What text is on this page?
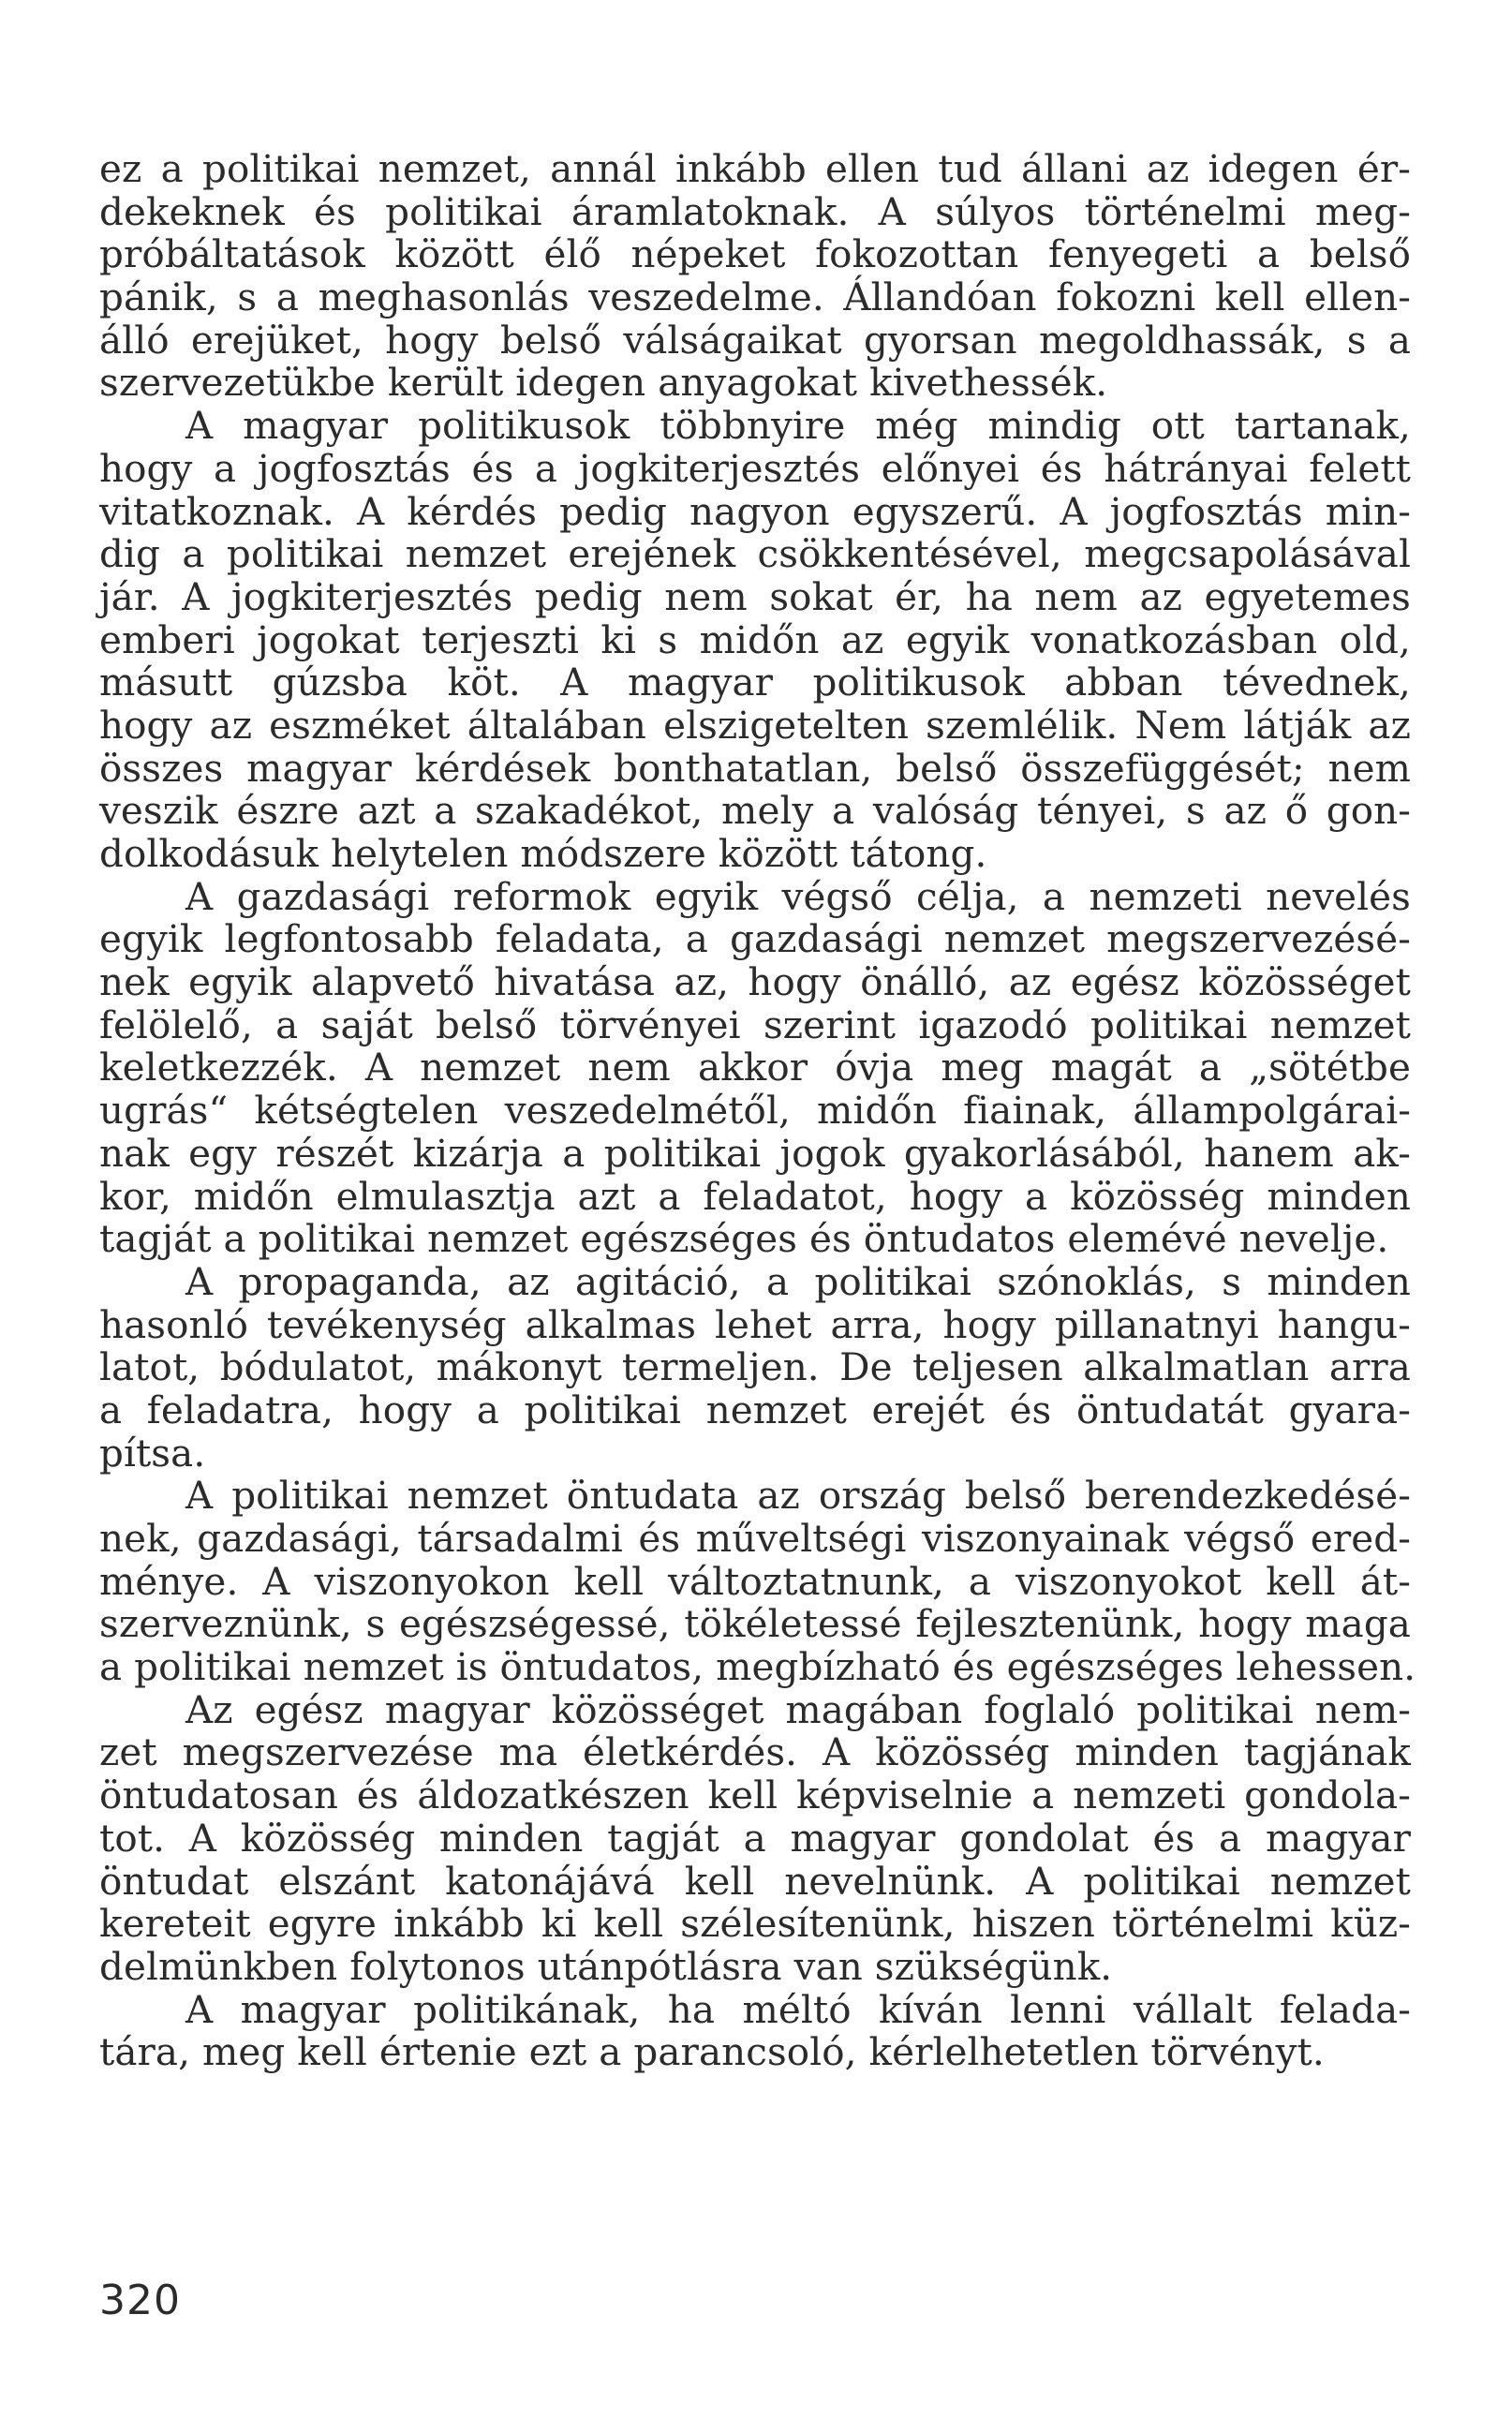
ez a politikai nemzet, annál inkább ellen tud állani az idegen ér-
dekeknek és politikai áramlatoknak. A súlyos történelmi meg-
próbáltatások között élő népeket fokozottan fenyegeti a belső
pánik, s a meghasonlás veszedelme. Állandóan fokozni kell ellen-
álló erejüket, hogy belső válságaikat gyorsan megoldhassák, s a
szervezetükbe került idegen anyagokat kivethessék.
A magyar politikusok többnyire még mindig ott tartanak,
hogy a jogfosztás és a jogkiterjesztés előnyei és hátrányai felett
vitatkoznak. A kérdés pedig nagyon egyszerű. A jogfosztás min-
dig a politikai nemzet erejének csökkentésével, megcsapolásával
jár. A jogkiterjesztés pedig nem sokat ér, ha nem az egyetemes
emberi jogokat terjeszti ki s midőn az egyik vonatkozásban old,
másutt gúzsba köt. A magyar politikusok abban tévednek,
hogy az eszméket általában elszigetelten szemlélik. Nem látják az
összes magyar kérdések bonthatatlan, belső összefüggését; nem
veszik észre azt a szakadékot, mely a valóság tényei, s az ő gon-
dolkodásuk helytelen módszere között tátong.
A gazdasági reformok egyik végső célja, a nemzeti nevelés
egyik legfontosabb feladata, a gazdasági nemzet megszervezésé-
nek egyik alapvető hivatása az, hogy önálló, az egész közösséget
felölelő, a saját belső törvényei szerint igazodó politikai nemzet
keletkezzék. A nemzet nem akkor óvja meg magát a „sötétbe
ugrás“ kétségtelen veszedelmétől, midőn fiainak, állampolgárai-
nak egy részét kizárja a politikai jogok gyakorlásából, hanem ak-
kor, midőn elmulasztja azt a feladatot, hogy a közösség minden
tagját a politikai nemzet egészséges és öntudatos elemévé nevelje.
A propaganda, az agitáció, a politikai szónoklás, s minden
hasonló tevékenység alkalmas lehet arra, hogy pillanatnyi hangu-
latot, bódulatot, mákonyt termeljen. De teljesen alkalmatlan arra
a feladatra, hogy a politikai nemzet erejét és öntudatát gyara-
pítsa.
A politikai nemzet öntudata az ország belső berendezkedésé-
nek, gazdasági, társadalmi és műveltségi viszonyainak végső ered-
ménye. A viszonyokon kell változtatnunk, a viszonyokot kell át-
szerveznünk, s egészségessé, tökéletessé fejlesztenünk, hogy maga
a politikai nemzet is öntudatos, megbízható és egészséges lehessen.
Az egész magyar közösséget magában foglaló politikai nem-
zet megszervezése ma életkérdés. A közösség minden tagjának
öntudatosan és áldozatkészen kell képviselnie a nemzeti gondola-
tot. A közösség minden tagját a magyar gondolat és a magyar
öntudat elszánt katonájává kell nevelnünk. A politikai nemzet
kereteit egyre inkább ki kell szélesítenünk, hiszen történelmi küz-
delmünkben folytonos utánpótlásra van szükségünk.
A magyar politikának, ha méltó kíván lenni vállalt felada-
tára, meg kell értenie ezt a parancsoló, kérlelhetetlen törvényt.
320
